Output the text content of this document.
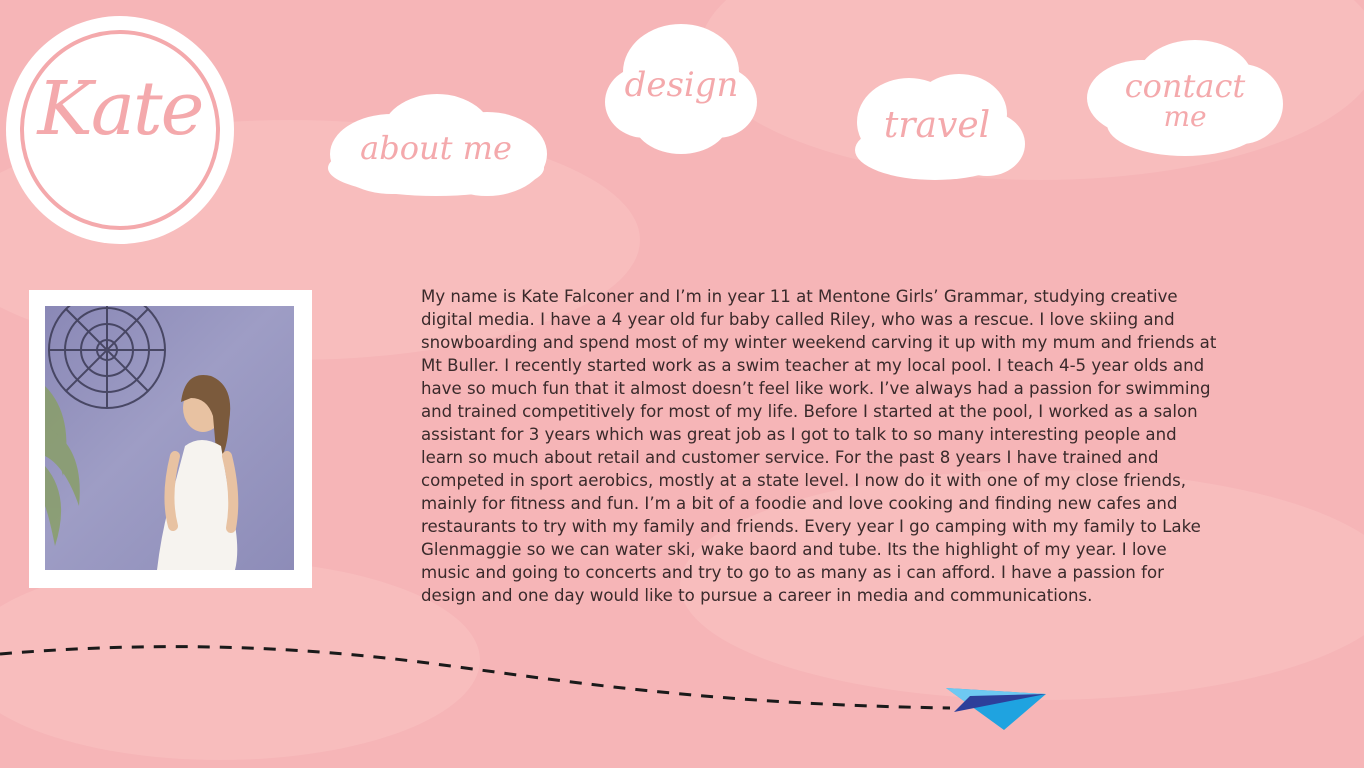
Kate	about me
design
travel
contact
me

My name is Kate Falconer and I’m in year 11 at Mentone Girls’ Grammar, studying creative digital media. I have a 4 year old fur baby called Riley, who was a rescue. I love skiing and snowboarding and spend most of my winter weekend carving it up with my mum and friends at Mt Buller. I recently started work as a swim teacher at my local pool. I teach 4-5 year olds and have so much fun that it almost doesn’t feel like work. I’ve always had a passion for swimming and trained competitively for most of my life. Before I started at the pool, I worked as a salon assistant for 3 years which was great job as I got to talk to so many interesting people and learn so much about retail and customer service. For the past 8 years I have trained and competed in sport aerobics, mostly at a state level. I now do it with one of my close friends, mainly for fitness and fun. I’m a bit of a foodie and love cooking and finding new cafes and restaurants to try with my family and friends. Every year I go camping with my family to Lake Glenmaggie so we can water ski, wake baord and tube. Its the highlight of my year. I love music and going to concerts and try to go to as many as i can afford. I have a passion for design and one day would like to pursue a career in media and communications.
